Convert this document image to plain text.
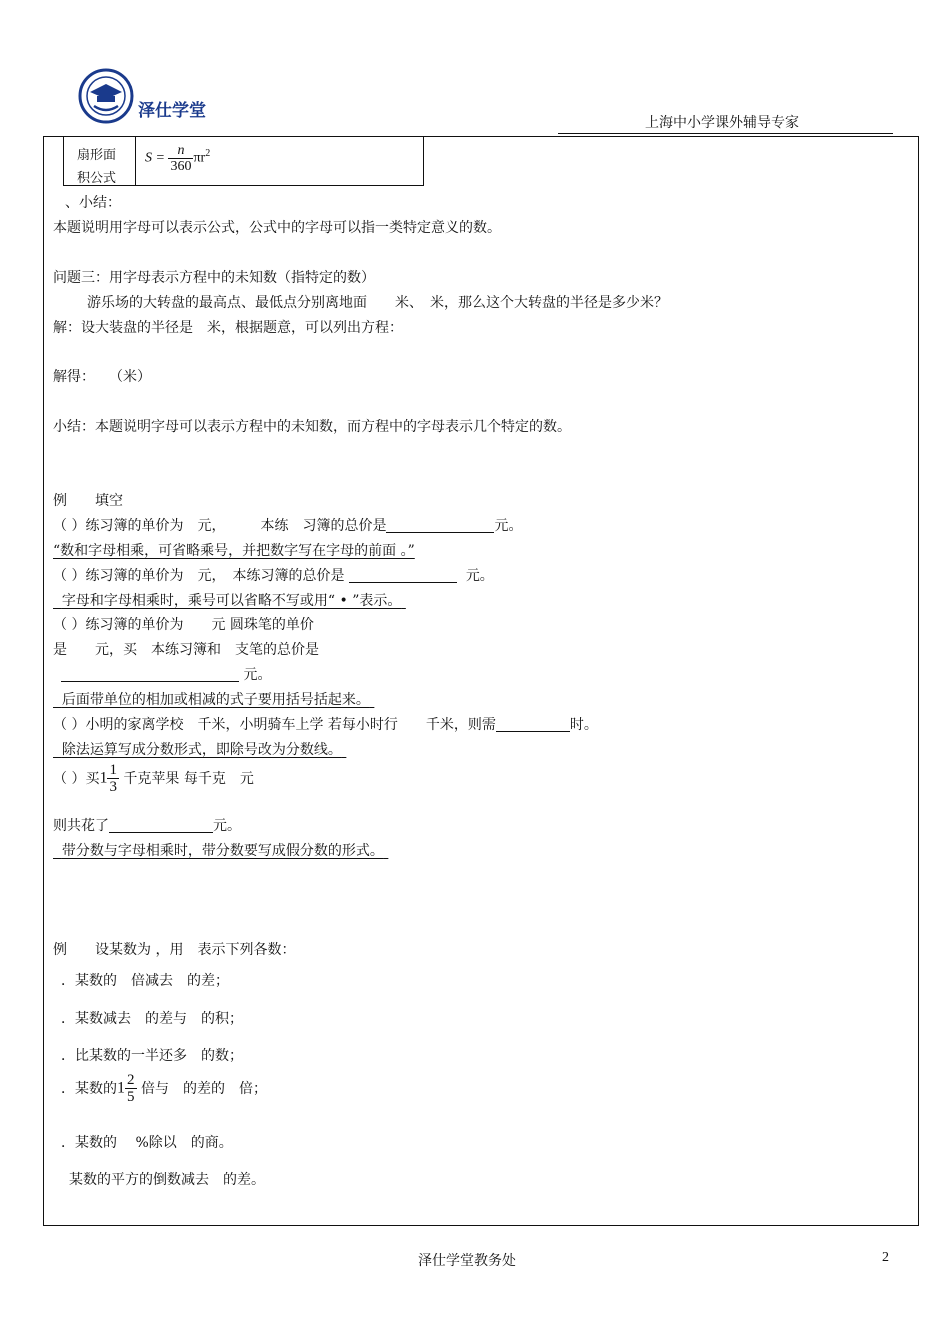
泽仕学堂
上海中小学课外辅导专家
扇形面
积公式
$S = \frac{n}{360} \pi r^2$
、小结：
本题说明用字母可以表示公式，公式中的字母可以指一类特定意义的数。
问题三：用字母表示方程中的未知数（指特定的数）
游乐场的大转盘的最高点、最低点分别离地面　　米、　米，那么这个大转盘的半径是多少米？
解：设大装盘的半径是　米，根据题意，可以列出方程：
解得：　　（米）
小结：本题说明字母可以表示方程中的未知数，而方程中的字母表示几个特定的数。
例　　填空
（ ）练习簿的单价为　元，　　　本练　习簿的总价是	元。
“数和字母相乘，可省略乘号，并把数字写在字母的前面 。”
（ ）练习簿的单价为　元，　本练习簿的总价是	元。
字母和字母相乘时，乘号可以省略不写或用“ • ”表示。
（ ）练习簿的单价为　　元 圆珠笔的单价
是　　元，买　本练习簿和　支笔的总价是
元。
后面带单位的相加或相减的式子要用括号括起来。
（ ）小明的家离学校　千米，小明骑车上学 若每小时行　　千米，则需	时。
除法运算写成分数形式，即除号改为分数线。
（ ）买$1 \frac{1}{3}$ 千克苹果 每千克　元
则共花了	元。
带分数与字母相乘时，带分数要写成假分数的形式。
例　　设某数为 ，用　表示下列各数：
．某数的　倍减去　的差；
．某数减去　的差与　的积；
．比某数的一半还多　的数；
．某数的$1 \frac{2}{5}$ 倍与　的差的　倍；
．某数的　 %除以　的商。
某数的平方的倒数减去　的差。
泽仕学堂教务处	2
